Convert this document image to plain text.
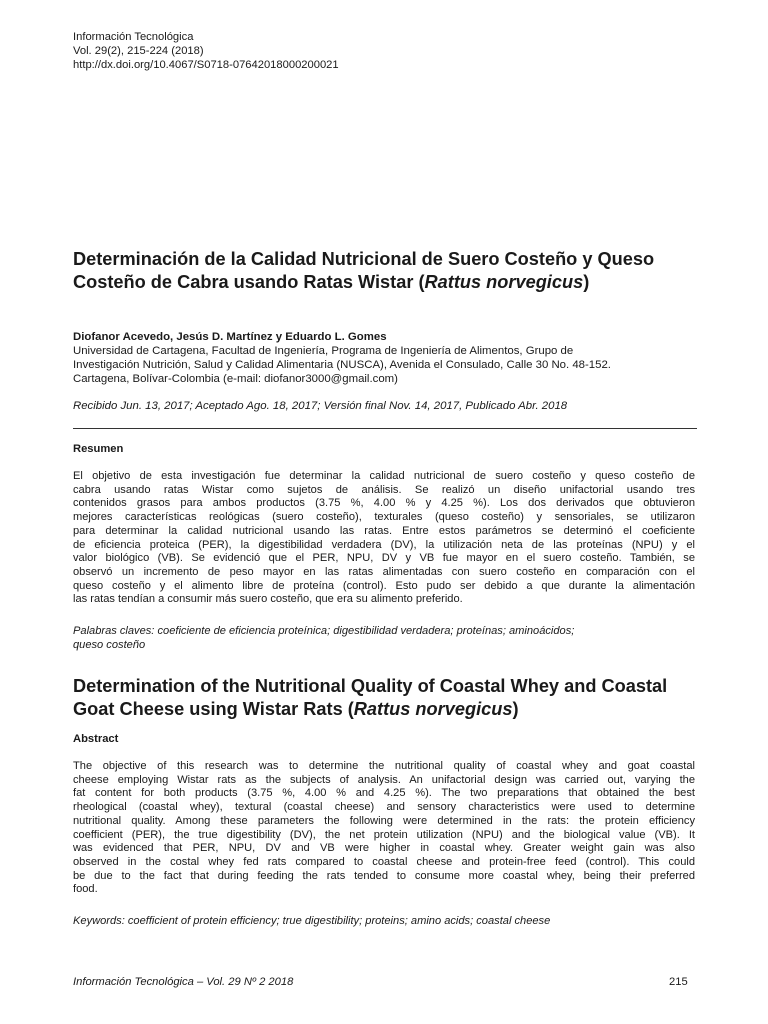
Información Tecnológica
Vol. 29(2), 215-224 (2018)
http://dx.doi.org/10.4067/S0718-07642018000200021
Determinación de la Calidad Nutricional de Suero Costeño y Queso Costeño de Cabra usando Ratas Wistar (Rattus norvegicus)
Diofanor Acevedo, Jesús D. Martínez y Eduardo L. Gomes
Universidad de Cartagena, Facultad de Ingeniería, Programa de Ingeniería de Alimentos, Grupo de
Investigación Nutrición, Salud y Calidad Alimentaria (NUSCA), Avenida el Consulado, Calle 30 No. 48-152.
Cartagena, Bolívar-Colombia (e-mail: diofanor3000@gmail.com)
Recibido Jun. 13, 2017; Aceptado Ago. 18, 2017; Versión final Nov. 14, 2017, Publicado Abr. 2018
Resumen
El objetivo de esta investigación fue determinar la calidad nutricional de suero costeño y queso costeño de
cabra usando ratas Wistar como sujetos de análisis. Se realizó un diseño unifactorial usando tres
contenidos grasos para ambos productos (3.75 %, 4.00 % y 4.25 %). Los dos derivados que obtuvieron
mejores características reológicas (suero costeño), texturales (queso costeño) y sensoriales, se utilizaron
para determinar la calidad nutricional usando las ratas. Entre estos parámetros se determinó el coeficiente
de eficiencia proteica (PER), la digestibilidad verdadera (DV), la utilización neta de las proteínas (NPU) y el
valor biológico (VB). Se evidenció que el PER, NPU, DV y VB fue mayor en el suero costeño. También, se
observó un incremento de peso mayor en las ratas alimentadas con suero costeño en comparación con el
queso costeño y el alimento libre de proteína (control). Esto pudo ser debido a que durante la alimentación
las ratas tendían a consumir más suero costeño, que era su alimento preferido.
Palabras claves: coeficiente de eficiencia proteínica; digestibilidad verdadera; proteínas; aminoácidos;
queso costeño
Determination of the Nutritional Quality of Coastal Whey and Coastal Goat Cheese using Wistar Rats (Rattus norvegicus)
Abstract
The objective of this research was to determine the nutritional quality of coastal whey and goat coastal
cheese employing Wistar rats as the subjects of analysis. An unifactorial design was carried out, varying the
fat content for both products (3.75 %, 4.00 % and 4.25 %). The two preparations that obtained the best
rheological (coastal whey), textural (coastal cheese) and sensory characteristics were used to determine
nutritional quality. Among these parameters the following were determined in the rats: the protein efficiency
coefficient (PER), the true digestibility (DV), the net protein utilization (NPU) and the biological value (VB). It
was evidenced that PER, NPU, DV and VB were higher in coastal whey. Greater weight gain was also
observed in the costal whey fed rats compared to coastal cheese and protein-free feed (control). This could
be due to the fact that during feeding the rats tended to consume more coastal whey, being their preferred
food.
Keywords: coefficient of protein efficiency; true digestibility; proteins; amino acids; coastal cheese
Información Tecnológica – Vol. 29 Nº 2 2018	215
